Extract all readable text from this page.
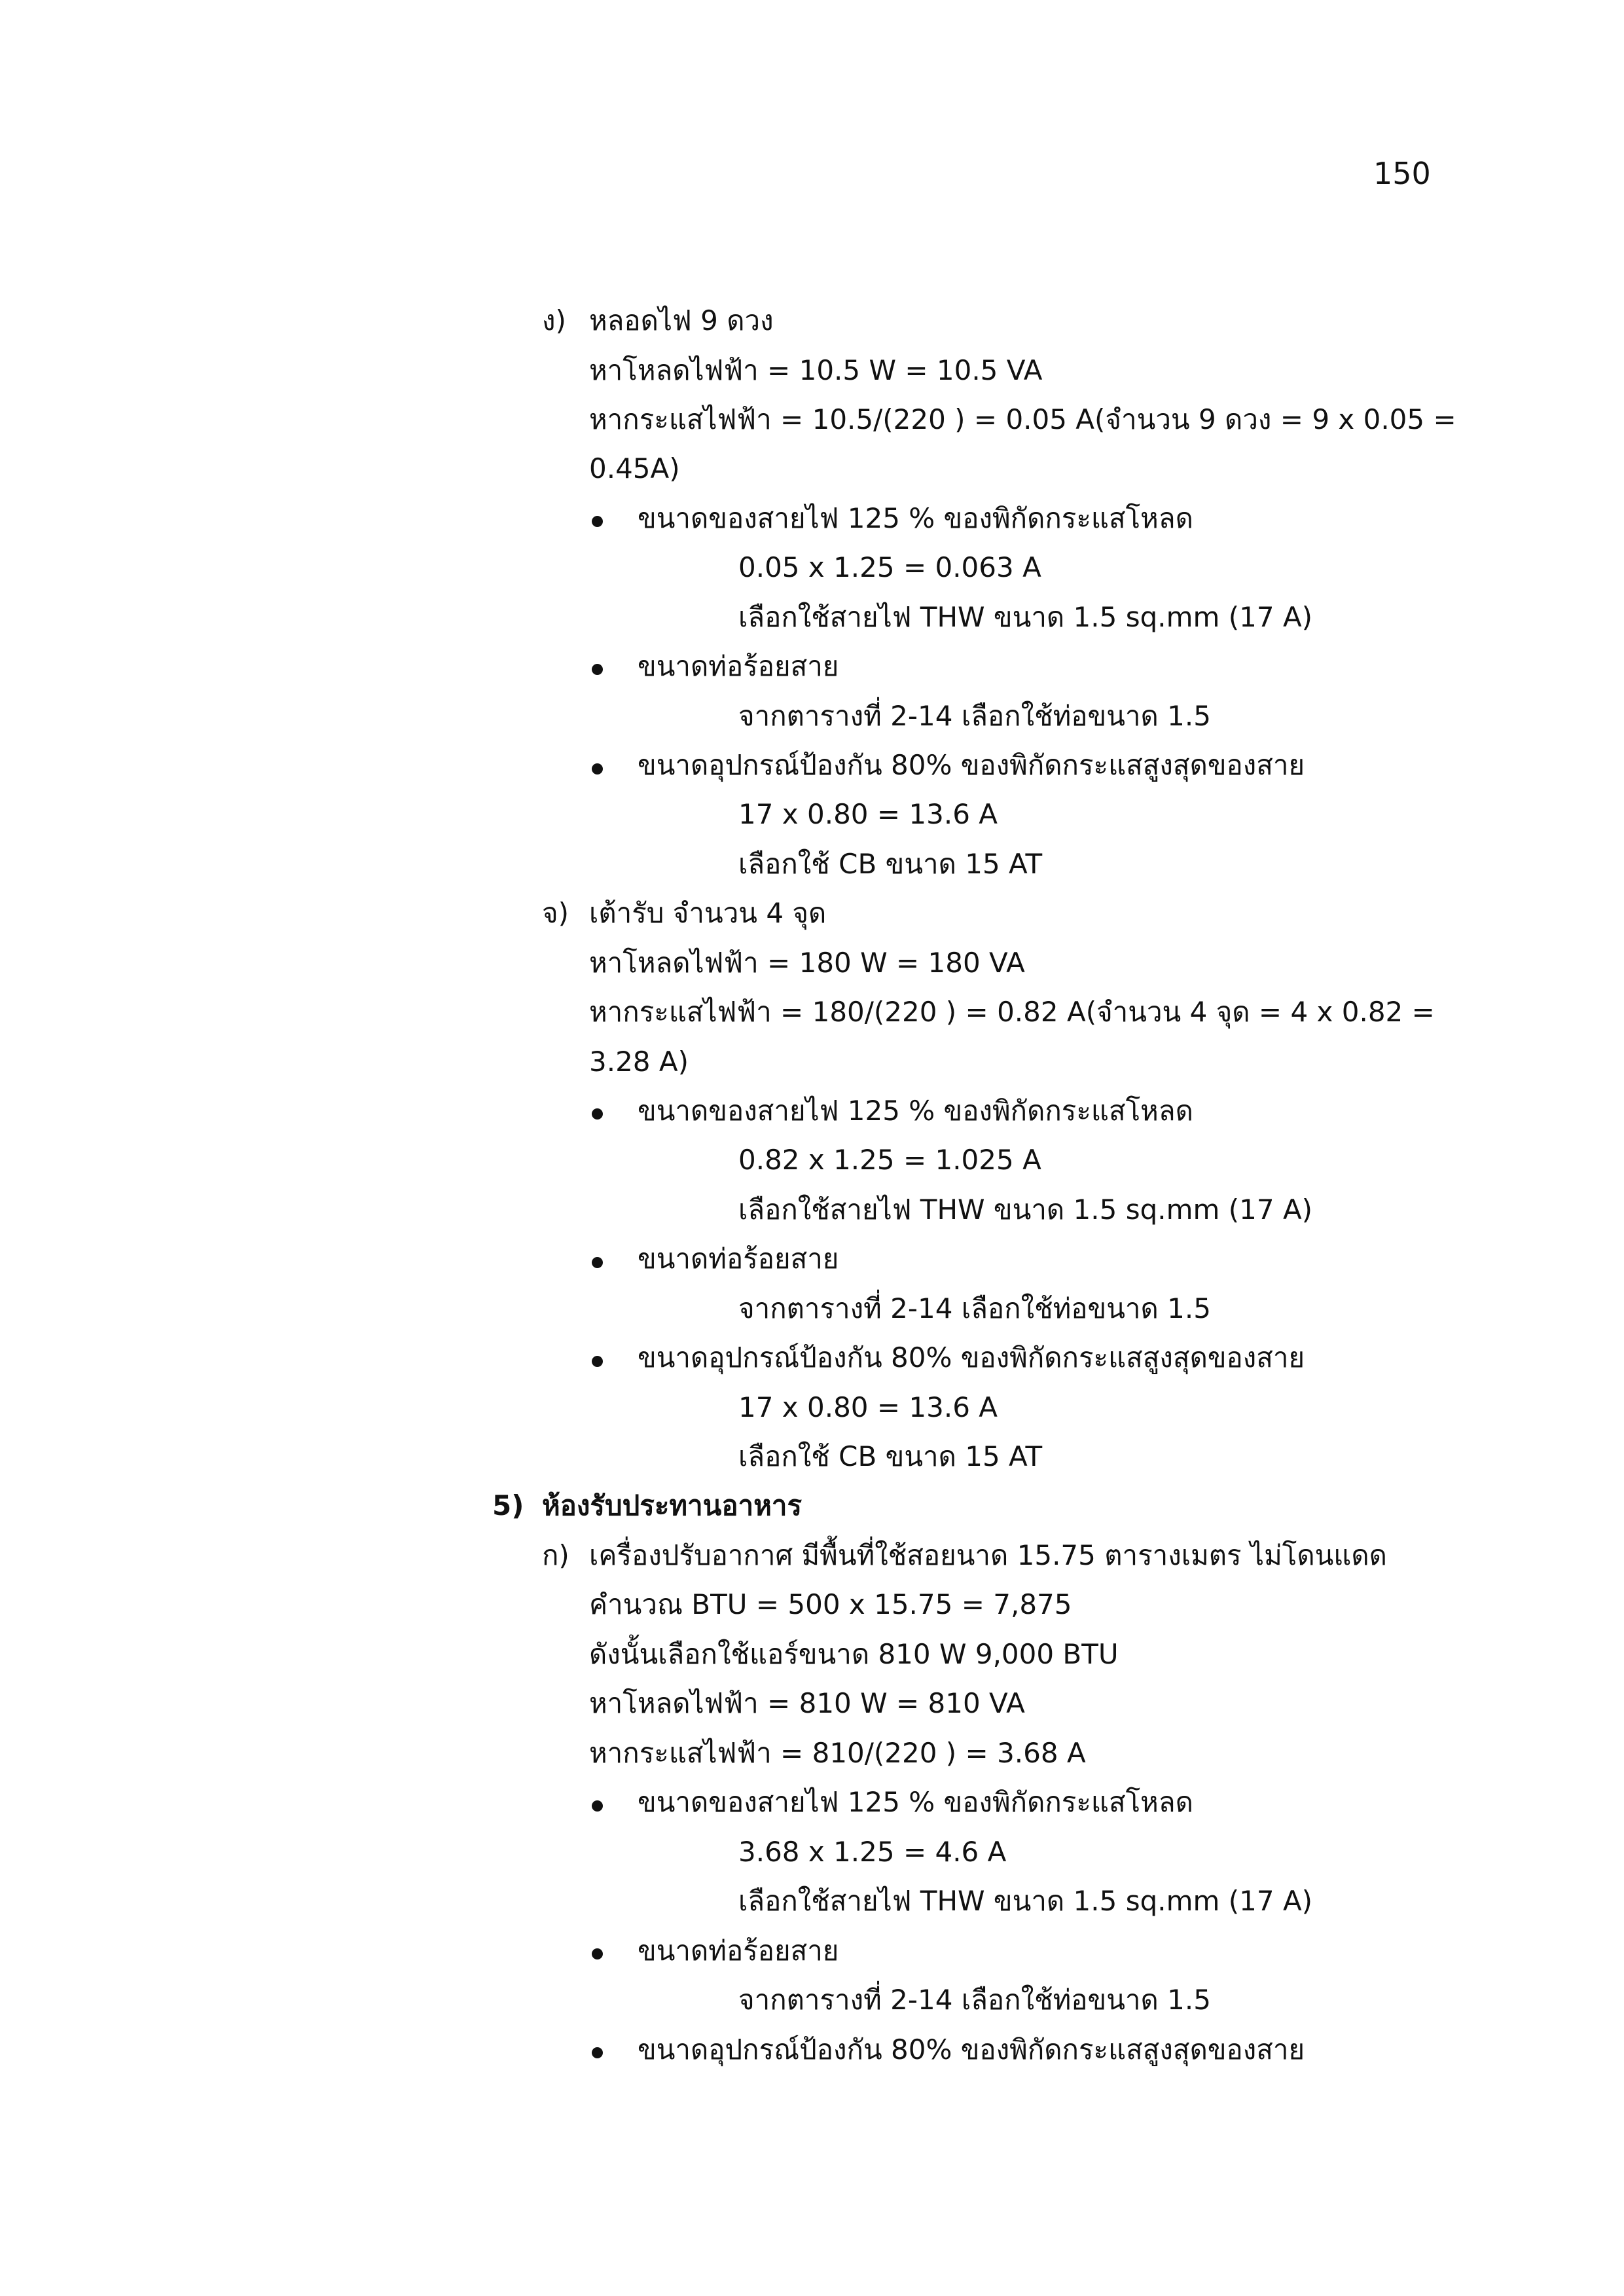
150
ง) หลอดไฟ 9 ดวง
หาโหลดไฟฟ้า = 10.5 W = 10.5 VA
หากระแสไฟฟ้า = 10.5/(220 ) = 0.05 A (จำนวน 9 ดวง = 9 x 0.05 =
0.45A)
ขนาดของสายไฟ 125 % ของพิกัดกระแสโหลด
0.05 x 1.25 = 0.063 A
เลือกใช้สายไฟ THW ขนาด 1.5 sq.mm (17 A)
ขนาดท่อร้อยสาย
จากตารางที่ 2-14 เลือกใช้ท่อขนาด 1.5
ขนาดอุปกรณ์ป้องกัน 80% ของพิกัดกระแสสูงสุดของสาย
17 x 0.80 = 13.6 A
เลือกใช้ CB ขนาด 15 AT
จ) เต้ารับ จำนวน 4 จุด
หาโหลดไฟฟ้า = 180 W = 180 VA
หากระแสไฟฟ้า = 180/(220 ) = 0.82 A (จำนวน 4 จุด = 4 x 0.82 =
3.28 A)
ขนาดของสายไฟ 125 % ของพิกัดกระแสโหลด
0.82 x 1.25 = 1.025 A
เลือกใช้สายไฟ THW ขนาด 1.5 sq.mm (17 A)
ขนาดท่อร้อยสาย
จากตารางที่ 2-14 เลือกใช้ท่อขนาด 1.5
ขนาดอุปกรณ์ป้องกัน 80% ของพิกัดกระแสสูงสุดของสาย
17 x 0.80 = 13.6 A
เลือกใช้ CB ขนาด 15 AT
5) ห้องรับประทานอาหาร
ก) เครื่องปรับอากาศ มีพื้นที่ใช้สอยนาด 15.75 ตารางเมตร ไม่โดนแดด
คำนวณ BTU = 500 x 15.75 = 7,875
ดังนั้นเลือกใช้แอร์ขนาด 810 W 9,000 BTU
หาโหลดไฟฟ้า = 810 W = 810 VA
หากระแสไฟฟ้า = 810/(220 ) = 3.68 A
ขนาดของสายไฟ 125 % ของพิกัดกระแสโหลด
3.68 x 1.25 = 4.6 A
เลือกใช้สายไฟ THW ขนาด 1.5 sq.mm (17 A)
ขนาดท่อร้อยสาย
จากตารางที่ 2-14 เลือกใช้ท่อขนาด 1.5
ขนาดอุปกรณ์ป้องกัน 80% ของพิกัดกระแสสูงสุดของสาย
